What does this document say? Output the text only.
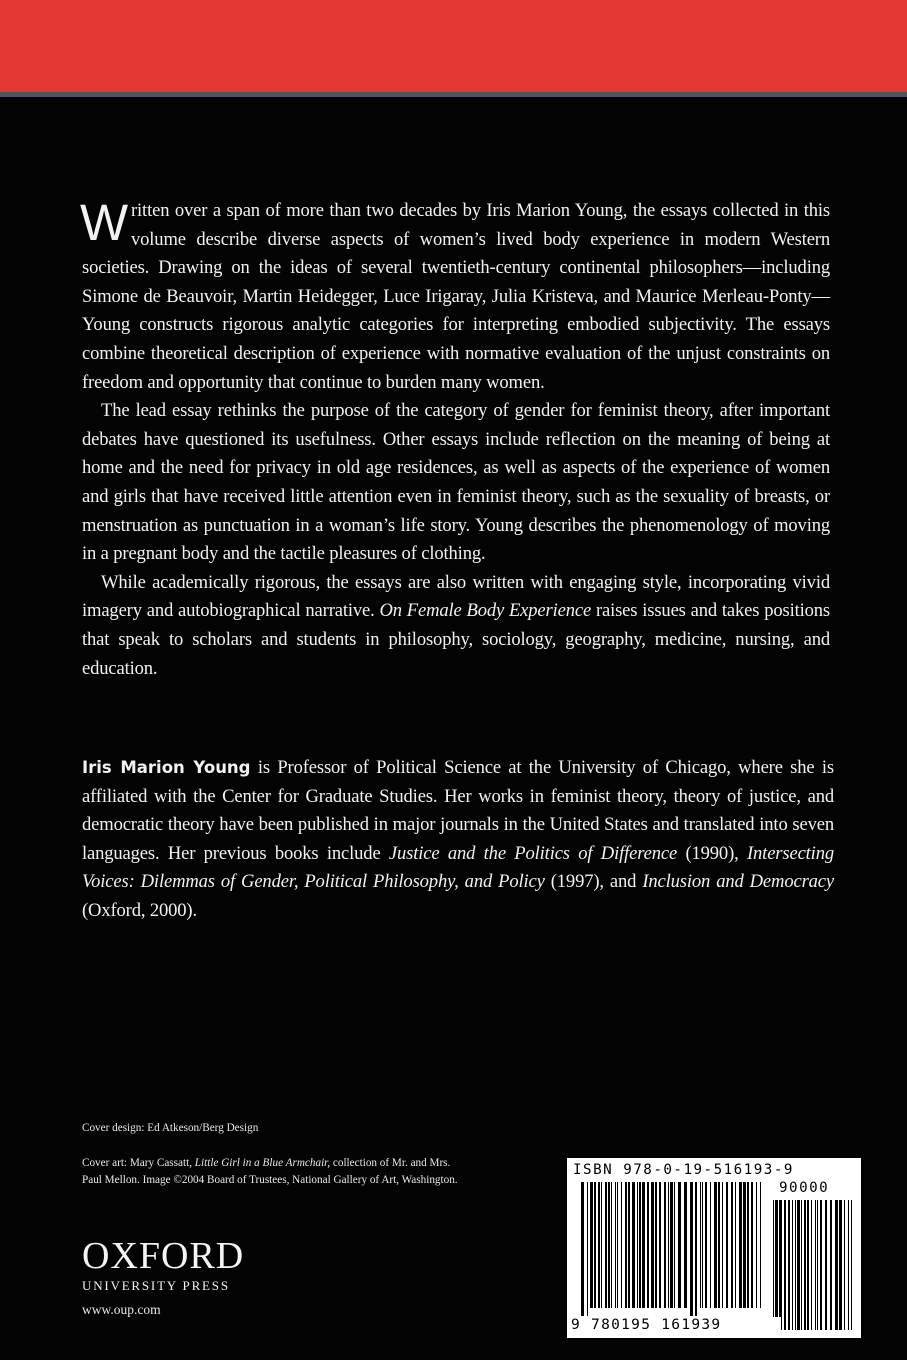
Written over a span of more than two decades by Iris Marion Young, the essays collected in this volume describe diverse aspects of women’s lived body experience in modern Western societies. Drawing on the ideas of several twentieth-century continental philosophers—including Simone de Beauvoir, Martin Heidegger, Luce Irigaray, Julia Kristeva, and Maurice Merleau-Ponty—Young constructs rigorous analytic categories for interpreting embodied subjectivity. The essays combine theoretical description of experience with normative evaluation of the unjust constraints on freedom and opportunity that continue to burden many women.

The lead essay rethinks the purpose of the category of gender for feminist theory, after important debates have questioned its usefulness. Other essays include reflection on the meaning of being at home and the need for privacy in old age residences, as well as aspects of the experience of women and girls that have received little attention even in feminist theory, such as the sexuality of breasts, or menstruation as punctuation in a woman’s life story. Young describes the phenomenology of moving in a pregnant body and the tactile pleasures of clothing.

While academically rigorous, the essays are also written with engaging style, incorporating vivid imagery and autobiographical narrative. On Female Body Experience raises issues and takes positions that speak to scholars and students in philosophy, sociology, geography, medicine, nursing, and education.

Iris Marion Young is Professor of Political Science at the University of Chicago, where she is affiliated with the Center for Graduate Studies. Her works in feminist theory, theory of justice, and democratic theory have been published in major journals in the United States and translated into seven languages. Her previous books include Justice and the Politics of Difference (1990), Intersecting Voices: Dilemmas of Gender, Political Philosophy, and Policy (1997), and Inclusion and Democracy (Oxford, 2000).

Cover design: Ed Atkeson/Berg Design
Cover art: Mary Cassatt, Little Girl in a Blue Armchair, collection of Mr. and Mrs. Paul Mellon. Image ©2004 Board of Trustees, National Gallery of Art, Washington.
OXFORD
UNIVERSITY PRESS
www.oup.com
ISBN 978-0-19-516193-9
90000
9 780195 161939
